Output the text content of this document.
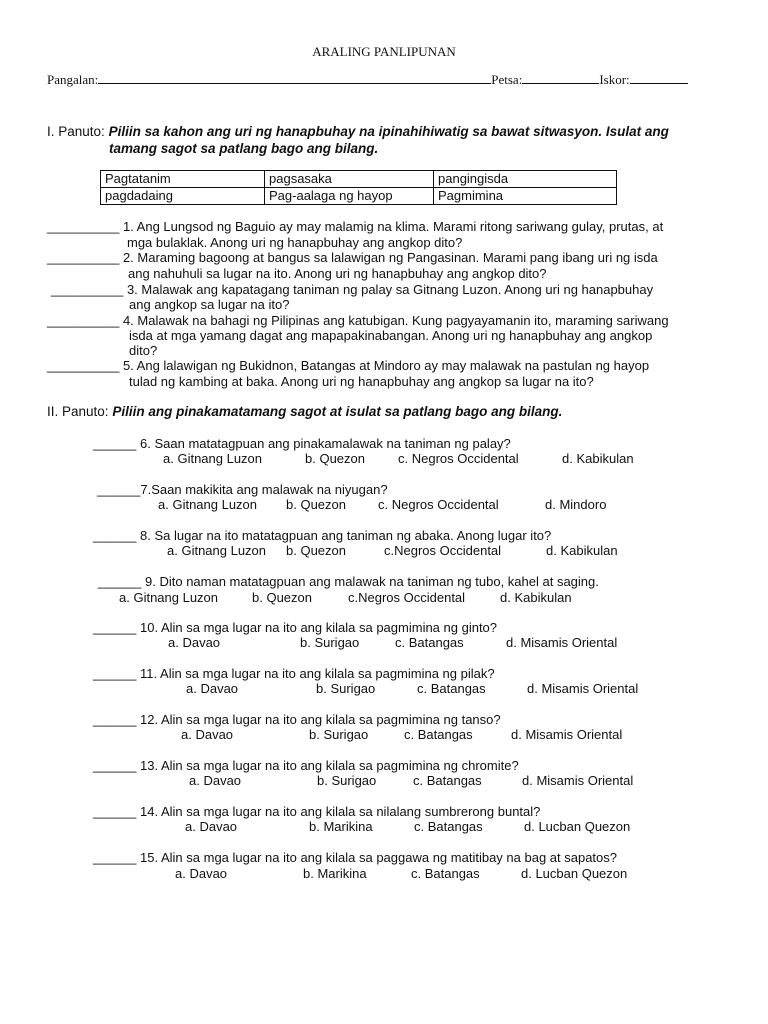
ARALING PANLIPUNAN
Pangalan:	Petsa:	Iskor:
I. Panuto: Piliin sa kahon ang uri ng hanapbuhay na ipinahihiwatig sa bawat sitwasyon. Isulat ang
tamang sagot sa patlang bago ang bilang.
Pagtatanim	pagsasaka	pangingisda
pagdadaing	Pag-aalaga ng hayop	Pagmimina
__________ 1. Ang Lungsod ng Baguio ay may malamig na klima. Marami ritong sariwang gulay, prutas, at
mga bulaklak. Anong uri ng hanapbuhay ang angkop dito?
__________ 2. Maraming bagoong at bangus sa lalawigan ng Pangasinan. Marami pang ibang uri ng isda
ang nahuhuli sa lugar na ito. Anong uri ng hanapbuhay ang angkop dito?
__________ 3. Malawak ang kapatagang taniman ng palay sa Gitnang Luzon. Anong uri ng hanapbuhay
ang angkop sa lugar na ito?
__________ 4. Malawak na bahagi ng Pilipinas ang katubigan. Kung pagyayamanin ito, maraming sariwang
isda at mga yamang dagat ang mapapakinabangan. Anong uri ng hanapbuhay ang angkop
dito?
__________ 5. Ang lalawigan ng Bukidnon, Batangas at Mindoro ay may malawak na pastulan ng hayop
tulad ng kambing at baka. Anong uri ng hanapbuhay ang angkop sa lugar na ito?
II. Panuto: Piliin ang pinakamatamang sagot at isulat sa patlang bago ang bilang.
______ 6. Saan matatagpuan ang pinakamalawak na taniman ng palay?
a. Gitnang Luzon	b. Quezon	c. Negros Occidental	d. Kabikulan
______7.Saan makikita ang malawak na niyugan?
a. Gitnang Luzon b. Quezon c. Negros Occidental	d. Mindoro
______ 8. Sa lugar na ito matatagpuan ang taniman ng abaka. Anong lugar ito?
a. Gitnang Luzon b. Quezon	c.Negros Occidental	d. Kabikulan
______ 9. Dito naman matatagpuan ang malawak na taniman ng tubo, kahel at saging.
a. Gitnang Luzon	b. Quezon	c.Negros Occidental	d. Kabikulan
______ 10. Alin sa mga lugar na ito ang kilala sa pagmimina ng ginto?
a. Davao	b. Surigao	c. Batangas	d. Misamis Oriental
______ 11. Alin sa mga lugar na ito ang kilala sa pagmimina ng pilak?
a. Davao	b. Surigao	c. Batangas	d. Misamis Oriental
______ 12. Alin sa mga lugar na ito ang kilala sa pagmimina ng tanso?
a. Davao	b. Surigao	c. Batangas	d. Misamis Oriental
______ 13. Alin sa mga lugar na ito ang kilala sa pagmimina ng chromite?
a. Davao	b. Surigao	c. Batangas	d. Misamis Oriental
______ 14. Alin sa mga lugar na ito ang kilala sa nilalang sumbrerong buntal?
a. Davao	b. Marikina	c. Batangas	d. Lucban Quezon
______ 15. Alin sa mga lugar na ito ang kilala sa paggawa ng matitibay na bag at sapatos?
a. Davao	b. Marikina	c. Batangas	d. Lucban Quezon
